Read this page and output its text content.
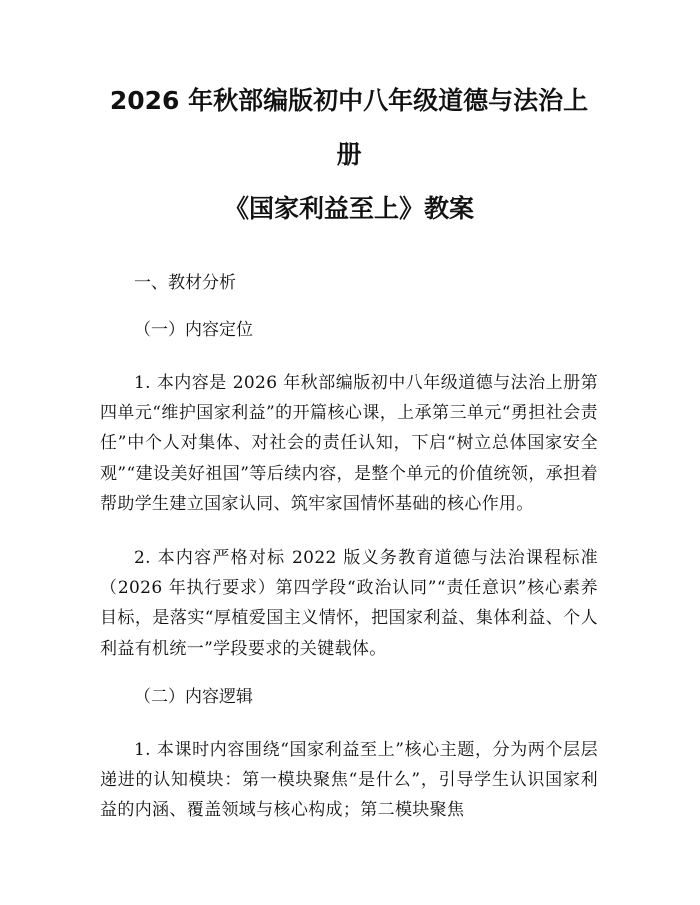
2026 年秋部编版初中八年级道德与法治上册
《国家利益至上》教案

一、教材分析

（一）内容定位

1. 本内容是 2026 年秋部编版初中八年级道德与法治上册第四单元“维护国家利益”的开篇核心课，上承第三单元“勇担社会责任”中个人对集体、对社会的责任认知，下启“树立总体国家安全观”“建设美好祖国”等后续内容，是整个单元的价值统领，承担着帮助学生建立国家认同、筑牢家国情怀基础的核心作用。

2. 本内容严格对标 2022 版义务教育道德与法治课程标准（2026 年执行要求）第四学段“政治认同”“责任意识”核心素养目标，是落实“厚植爱国主义情怀，把国家利益、集体利益、个人利益有机统一”学段要求的关键载体。

（二）内容逻辑

1. 本课时内容围绕“国家利益至上”核心主题，分为两个层层递进的认知模块：第一模块聚焦“是什么”，引导学生认识国家利益的内涵、覆盖领域与核心构成；第二模块聚焦
